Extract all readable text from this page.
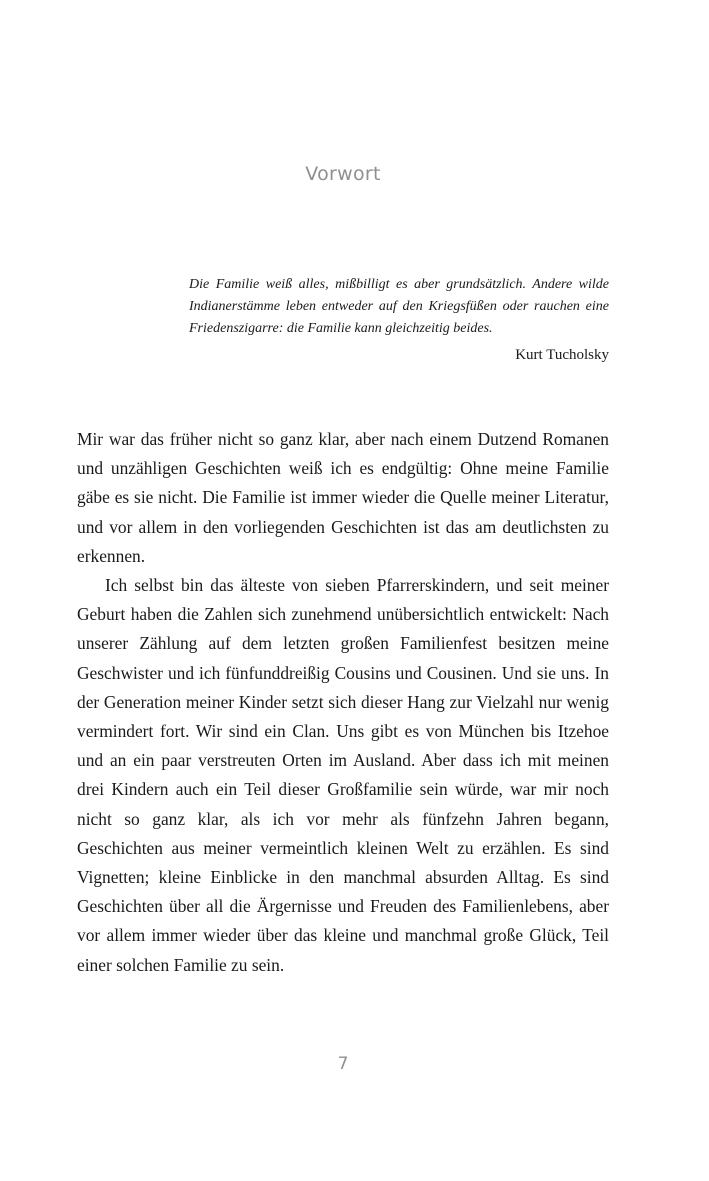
Vorwort

Die Familie weiß alles, mißbilligt es aber grundsätzlich. Andere wilde Indianerstämme leben entweder auf den Kriegsfüßen oder rauchen eine Friedenszigarre: die Familie kann gleichzeitig beides.

Kurt Tucholsky

Mir war das früher nicht so ganz klar, aber nach einem Dutzend Romanen und unzähligen Geschichten weiß ich es endgültig: Ohne meine Familie gäbe es sie nicht. Die Familie ist immer wieder die Quelle meiner Literatur, und vor allem in den vorliegenden Geschichten ist das am deutlichsten zu erkennen.

Ich selbst bin das älteste von sieben Pfarrerskindern, und seit meiner Geburt haben die Zahlen sich zunehmend unübersichtlich entwickelt: Nach unserer Zählung auf dem letzten großen Familienfest besitzen meine Geschwister und ich fünfunddreißig Cousins und Cousinen. Und sie uns. In der Generation meiner Kinder setzt sich dieser Hang zur Vielzahl nur wenig vermindert fort. Wir sind ein Clan. Uns gibt es von München bis Itzehoe und an ein paar verstreuten Orten im Ausland. Aber dass ich mit meinen drei Kindern auch ein Teil dieser Großfamilie sein würde, war mir noch nicht so ganz klar, als ich vor mehr als fünfzehn Jahren begann, Geschichten aus meiner vermeintlich kleinen Welt zu erzählen. Es sind Vignetten; kleine Einblicke in den manchmal absurden Alltag. Es sind Geschichten über all die Ärgernisse und Freuden des Familienlebens, aber vor allem immer wieder über das kleine und manchmal große Glück, Teil einer solchen Familie zu sein.

7
